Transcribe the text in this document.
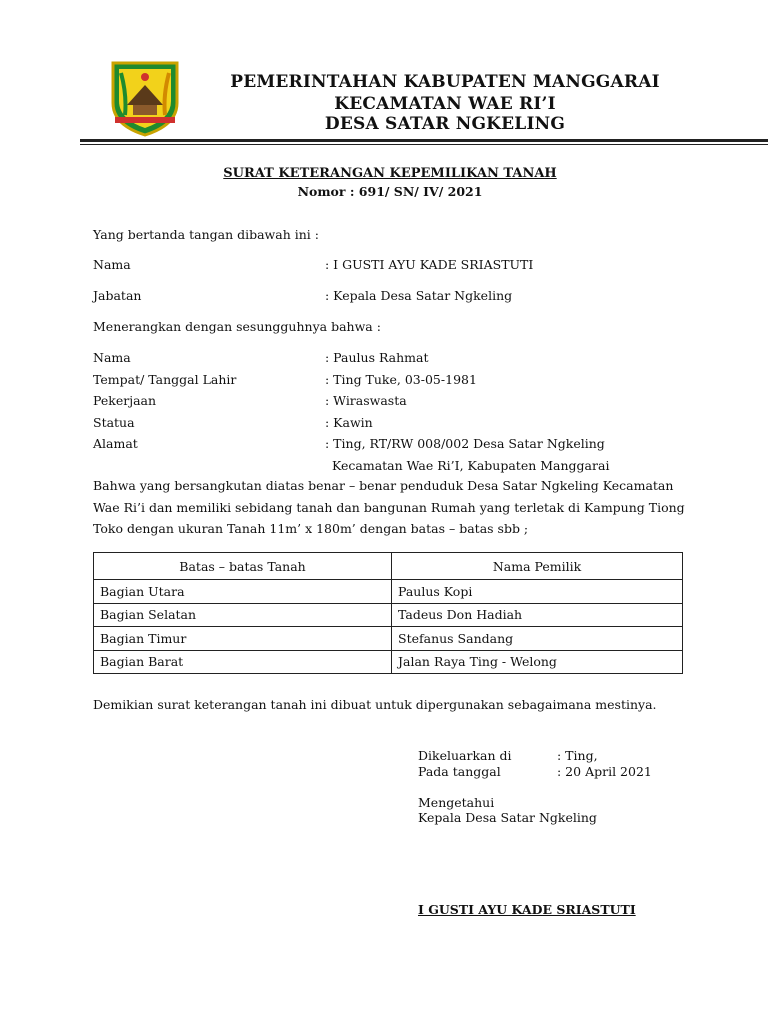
PEMERINTAHAN KABUPATEN MANGGARAI
KECAMATAN WAE RI’I
DESA SATAR NGKELING
SURAT KETERANGAN KEPEMILIKAN TANAH
Nomor : 691/ SN/ IV/ 2021
Yang bertanda tangan dibawah ini :
Nama	: I GUSTI AYU KADE SRIASTUTI
Jabatan	: Kepala Desa Satar Ngkeling
Menerangkan dengan sesungguhnya bahwa :
Nama	: Paulus Rahmat
Tempat/ Tanggal Lahir	: Ting Tuke, 03-05-1981
Pekerjaan	: Wiraswasta
Statua	: Kawin
Alamat	: Ting, RT/RW 008/002 Desa Satar Ngkeling
Kecamatan Wae Ri’I, Kabupaten Manggarai
Bahwa yang bersangkutan diatas benar – benar penduduk Desa Satar Ngkeling Kecamatan
Wae Ri’i dan memiliki sebidang tanah dan bangunan Rumah yang terletak di Kampung Tiong
Toko dengan ukuran Tanah 11m’ x 180m’ dengan batas – batas sbb ;
Batas – batas Tanah	Nama Pemilik
Bagian Utara	Paulus Kopi
Bagian Selatan	Tadeus Don Hadiah
Bagian Timur	Stefanus Sandang
Bagian Barat	Jalan Raya Ting - Welong
Demikian surat keterangan tanah ini dibuat untuk dipergunakan sebagaimana mestinya.
Dikeluarkan di	: Ting,
Pada tanggal	: 20 April 2021
Mengetahui
Kepala Desa Satar Ngkeling
I GUSTI AYU KADE SRIASTUTI
